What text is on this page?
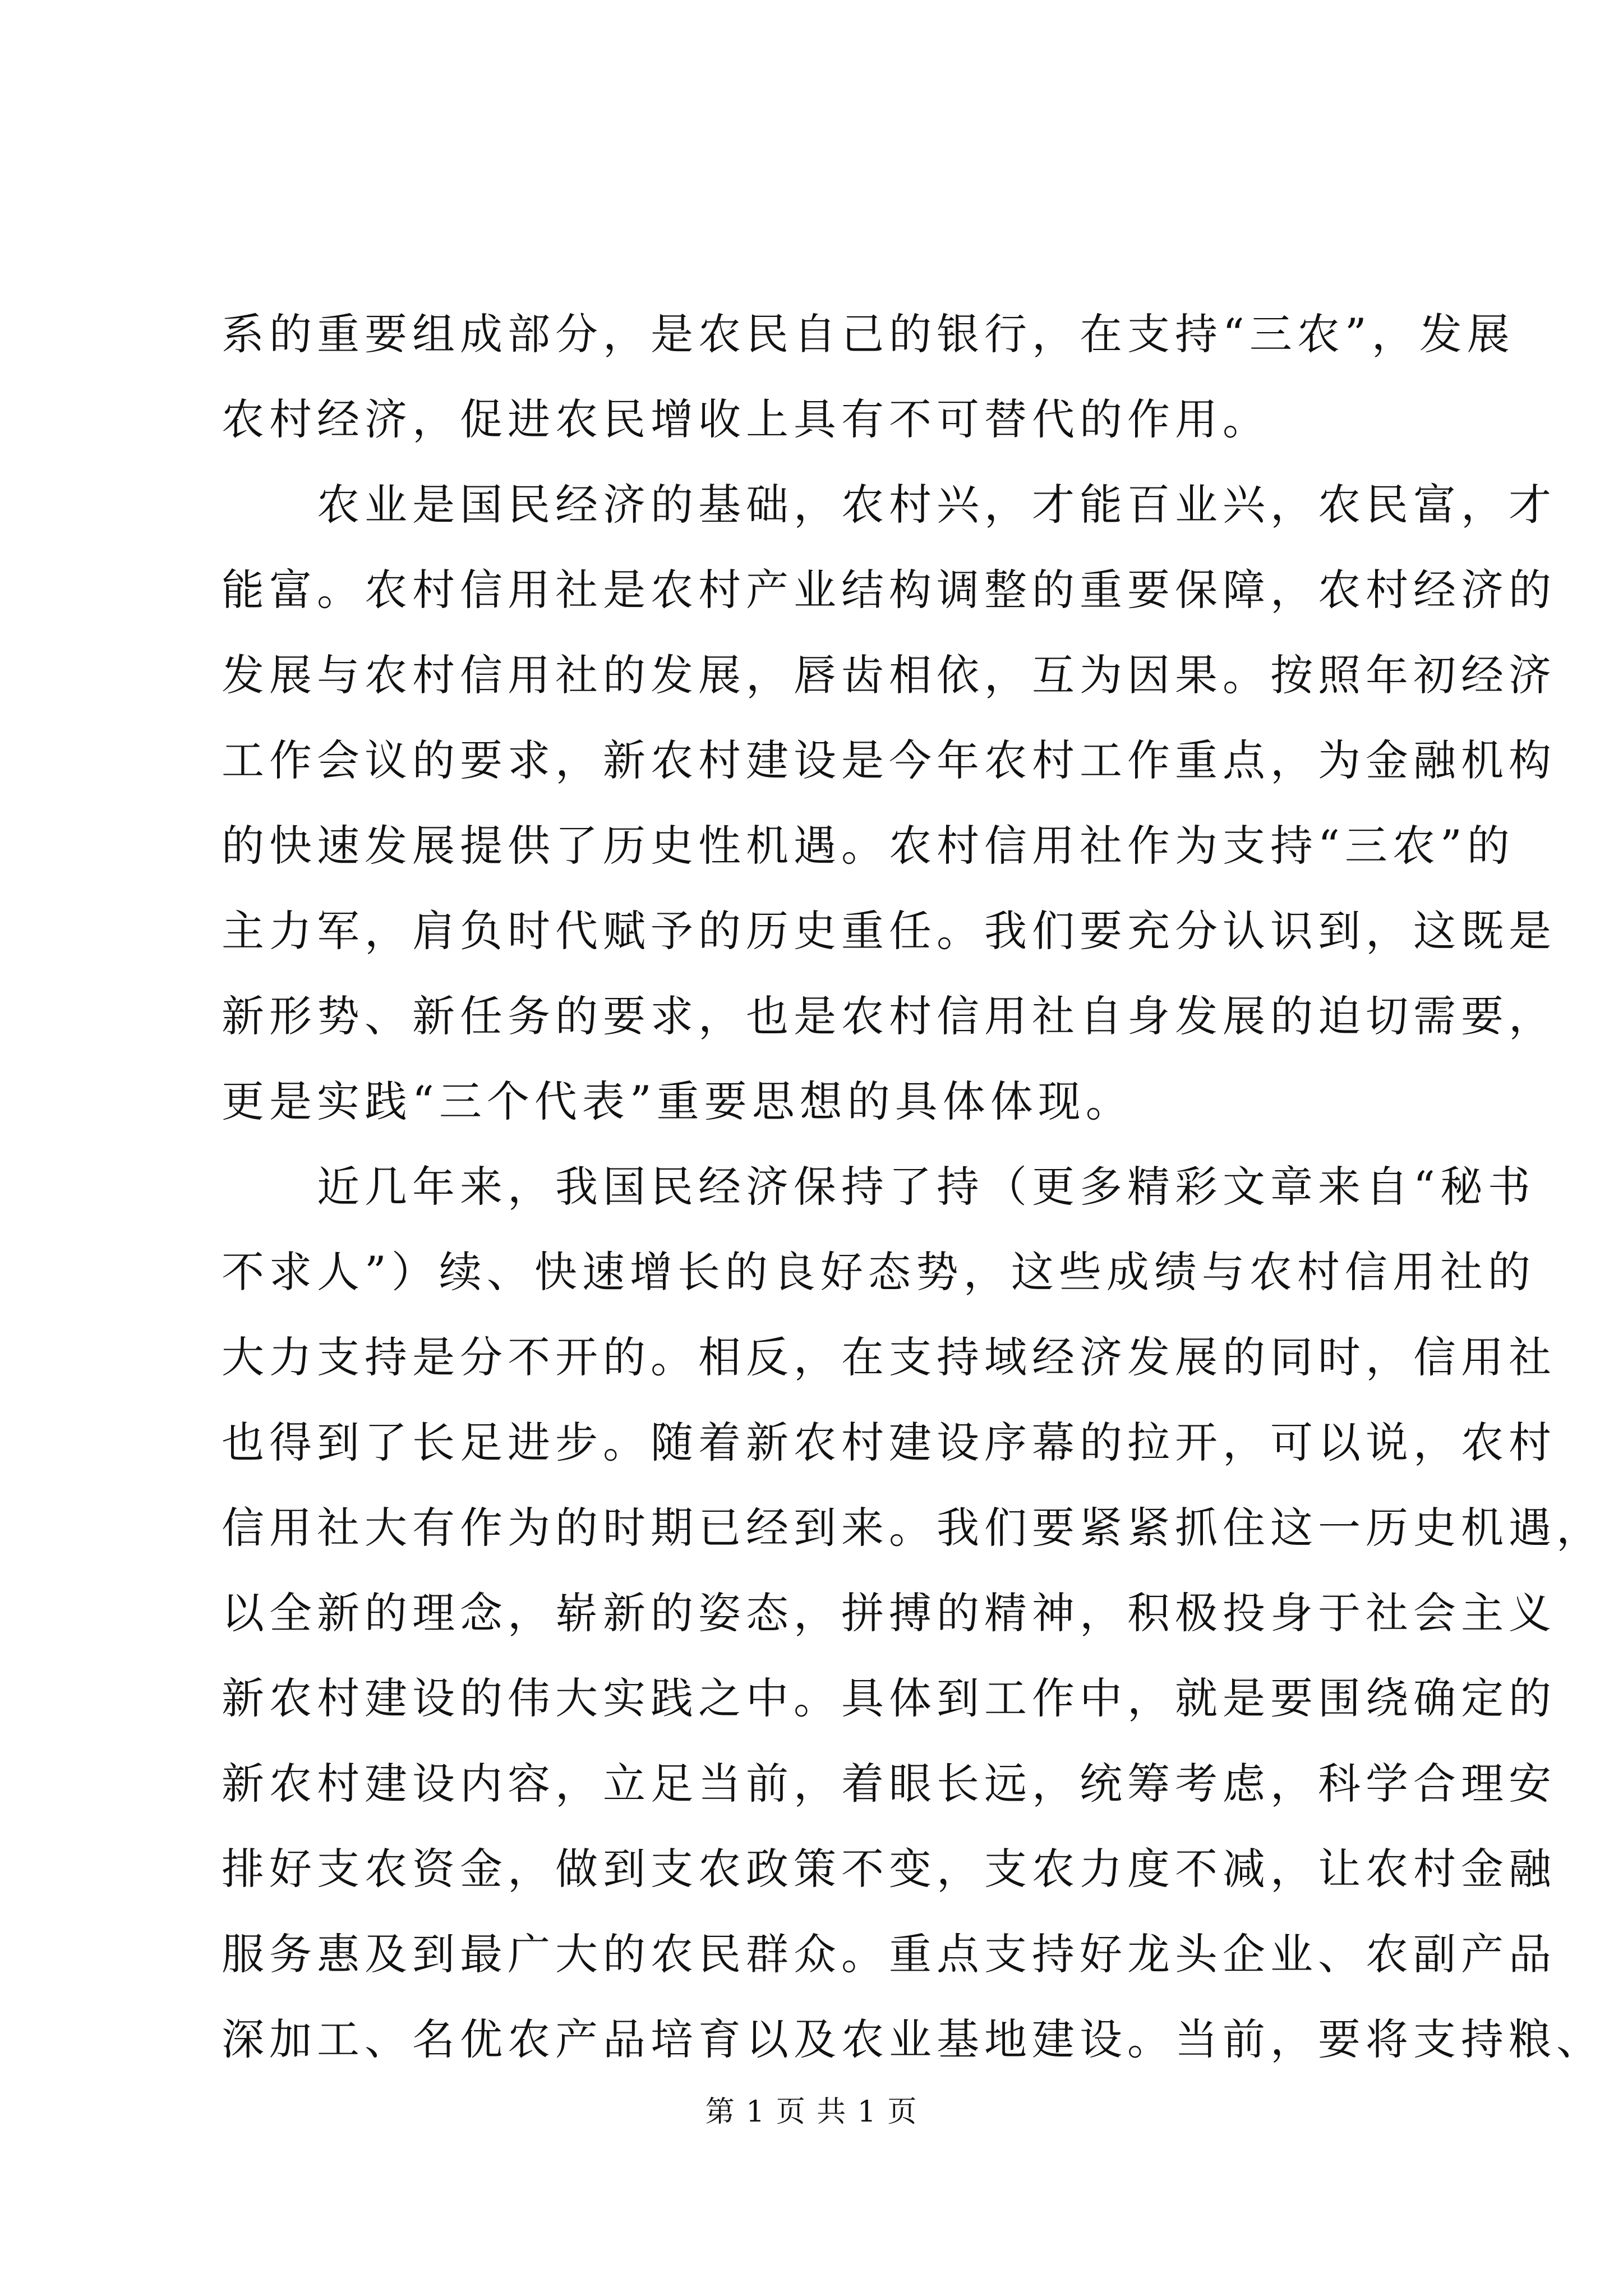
系的重要组成部分，是农民自己的银行，在支持“三农”，发展
农村经济，促进农民增收上具有不可替代的作用。

　　农业是国民经济的基础，农村兴，才能百业兴，农民富，才
能富。农村信用社是农村产业结构调整的重要保障，农村经济的
发展与农村信用社的发展，唇齿相依，互为因果。按照年初经济
工作会议的要求，新农村建设是今年农村工作重点，为金融机构
的快速发展提供了历史性机遇。农村信用社作为支持“三农”的
主力军，肩负时代赋予的历史重任。我们要充分认识到，这既是
新形势、新任务的要求，也是农村信用社自身发展的迫切需要，
更是实践“三个代表”重要思想的具体体现。

　　近几年来，我国民经济保持了持（更多精彩文章来自“秘书
不求人”）续、快速增长的良好态势，这些成绩与农村信用社的
大力支持是分不开的。相反，在支持域经济发展的同时，信用社
也得到了长足进步。随着新农村建设序幕的拉开，可以说，农村
信用社大有作为的时期已经到来。我们要紧紧抓住这一历史机遇，
以全新的理念，崭新的姿态，拼搏的精神，积极投身于社会主义
新农村建设的伟大实践之中。具体到工作中，就是要围绕确定的
新农村建设内容，立足当前，着眼长远，统筹考虑，科学合理安
排好支农资金，做到支农政策不变，支农力度不减，让农村金融
服务惠及到最广大的农民群众。重点支持好龙头企业、农副产品
深加工、名优农产品培育以及农业基地建设。当前，要将支持粮、

第 1 页 共 1 页
